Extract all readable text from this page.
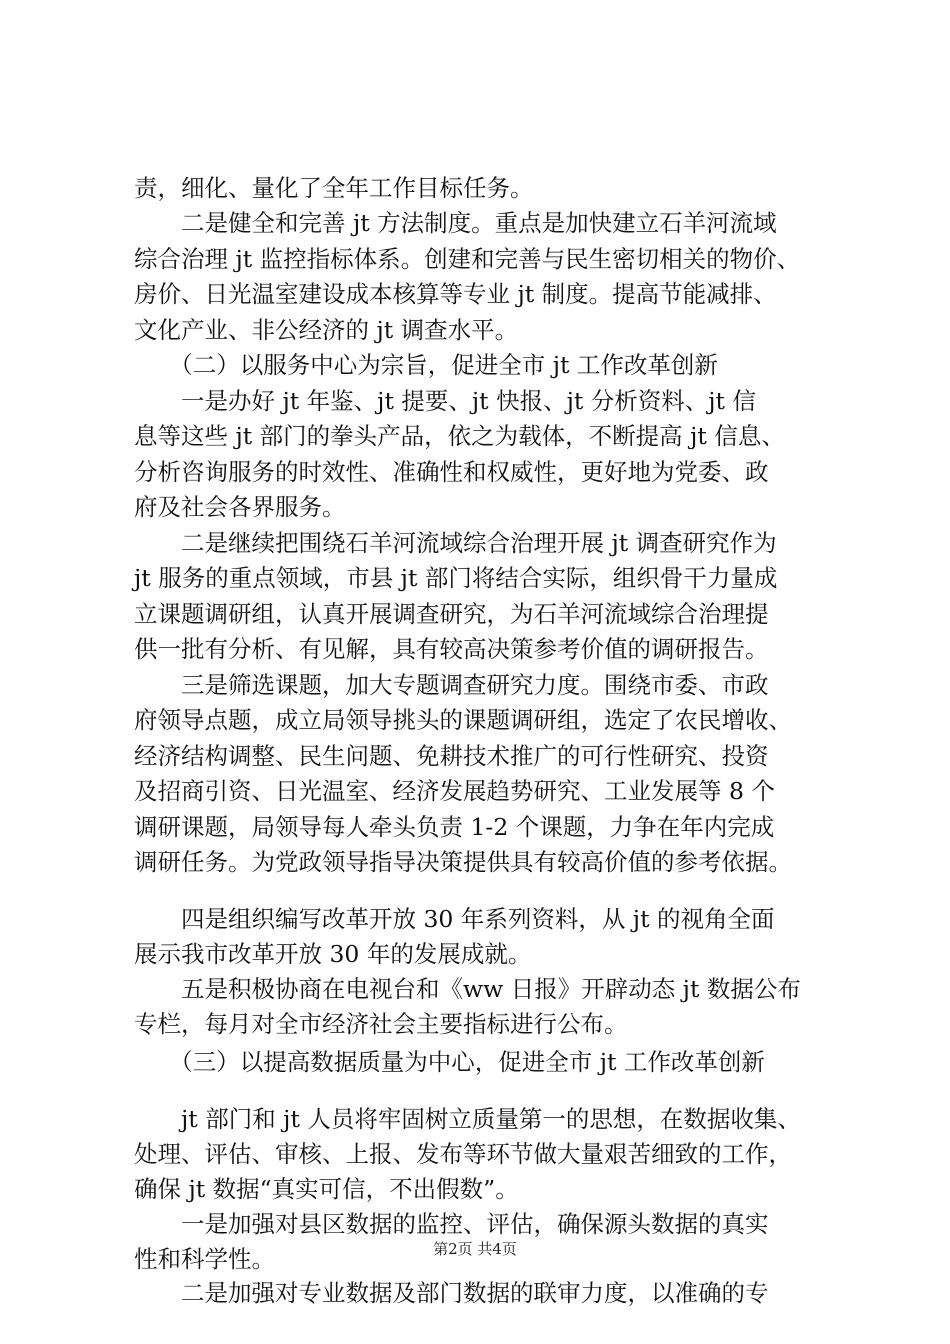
责，细化、量化了全年工作目标任务。
　　二是健全和完善 jt 方法制度。重点是加快建立石羊河流域
综合治理 jt 监控指标体系。创建和完善与民生密切相关的物价、
房价、日光温室建设成本核算等专业 jt 制度。提高节能减排、
文化产业、非公经济的 jt 调查水平。
　　（二）以服务中心为宗旨，促进全市 jt 工作改革创新
　　一是办好 jt 年鉴、jt 提要、jt 快报、jt 分析资料、jt 信
息等这些 jt 部门的拳头产品，依之为载体，不断提高 jt 信息、
分析咨询服务的时效性、准确性和权威性，更好地为党委、政
府及社会各界服务。
　　二是继续把围绕石羊河流域综合治理开展 jt 调查研究作为
jt 服务的重点领域，市县 jt 部门将结合实际，组织骨干力量成
立课题调研组，认真开展调查研究，为石羊河流域综合治理提
供一批有分析、有见解，具有较高决策参考价值的调研报告。
　　三是筛选课题，加大专题调查研究力度。围绕市委、市政
府领导点题，成立局领导挑头的课题调研组，选定了农民增收、
经济结构调整、民生问题、免耕技术推广的可行性研究、投资
及招商引资、日光温室、经济发展趋势研究、工业发展等 8 个
调研课题，局领导每人牵头负责 1-2 个课题，力争在年内完成
调研任务。为党政领导指导决策提供具有较高价值的参考依据。
　　四是组织编写改革开放 30 年系列资料，从 jt 的视角全面
展示我市改革开放 30 年的发展成就。
　　五是积极协商在电视台和《ww 日报》开辟动态 jt 数据公布
专栏，每月对全市经济社会主要指标进行公布。
　　（三）以提高数据质量为中心，促进全市 jt 工作改革创新
　　jt 部门和 jt 人员将牢固树立质量第一的思想，在数据收集、
处理、评估、审核、上报、发布等环节做大量艰苦细致的工作，
确保 jt 数据“真实可信，不出假数”。
　　一是加强对县区数据的监控、评估，确保源头数据的真实
性和科学性。	第2页 共4页
　　二是加强对专业数据及部门数据的联审力度，以准确的专
